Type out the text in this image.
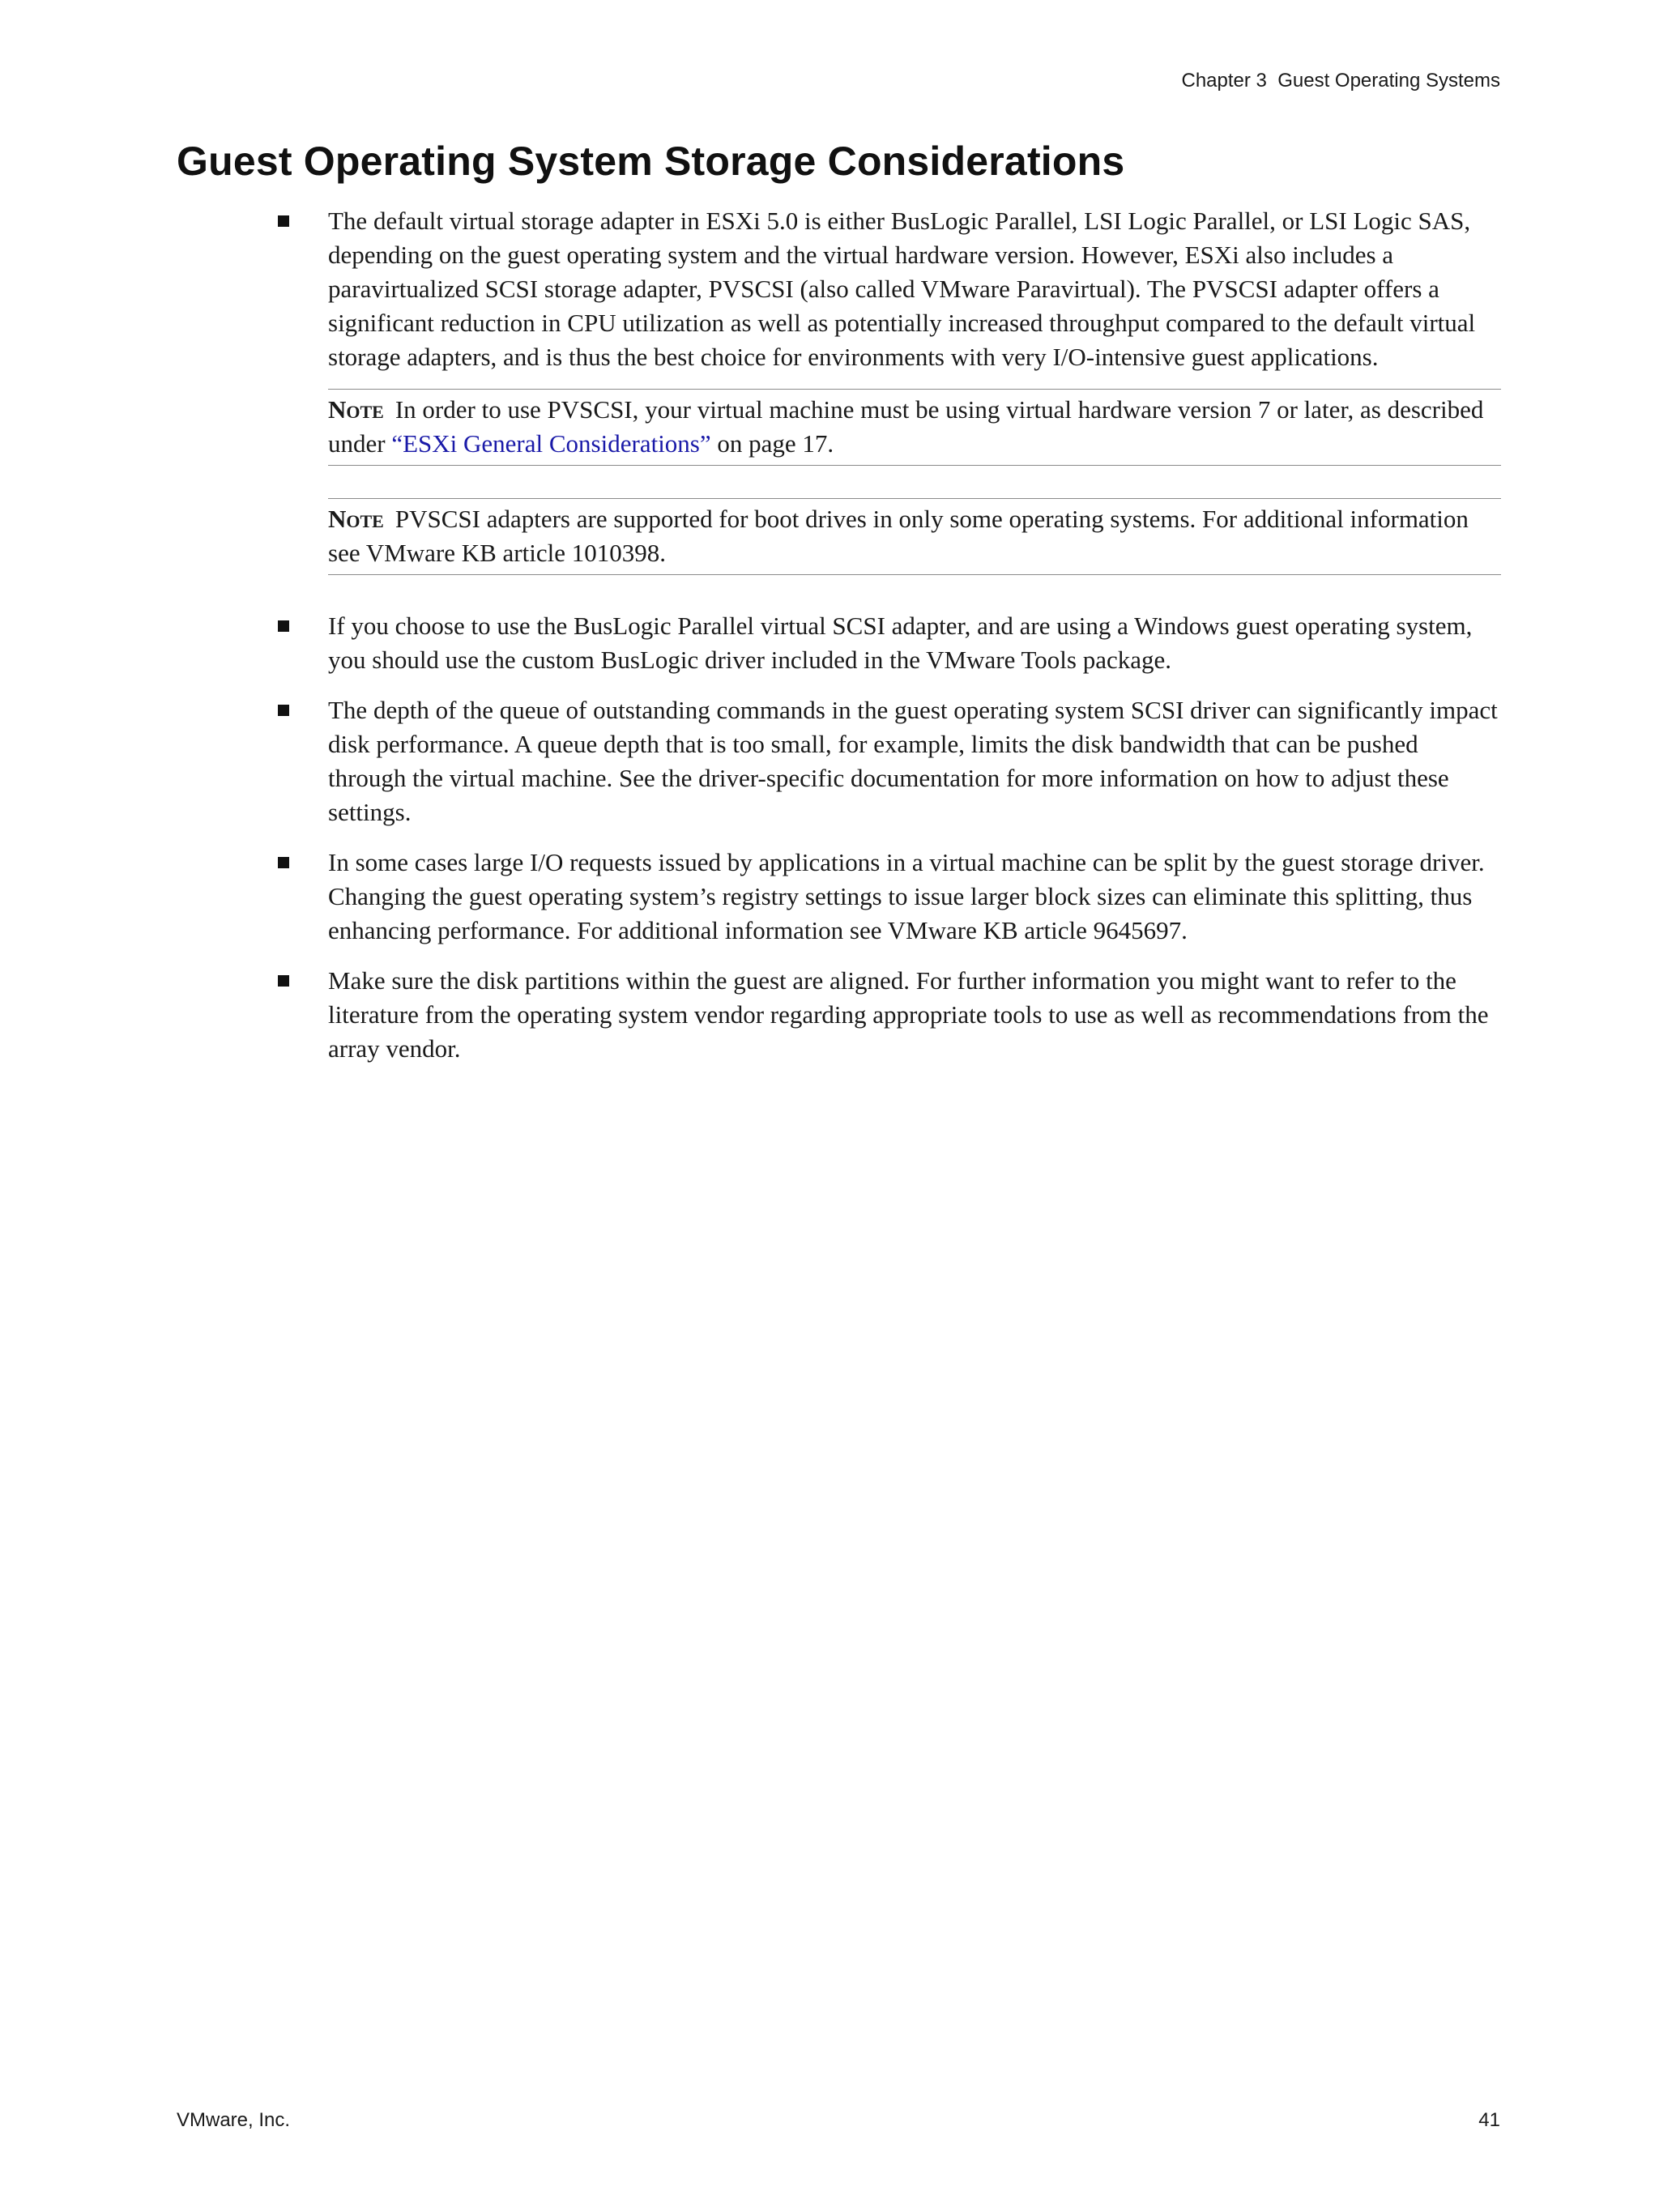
Chapter 3  Guest Operating Systems
Guest Operating System Storage Considerations

The default virtual storage adapter in ESXi 5.0 is either BusLogic Parallel, LSI Logic Parallel, or LSI Logic SAS, depending on the guest operating system and the virtual hardware version. However, ESXi also includes a paravirtualized SCSI storage adapter, PVSCSI (also called VMware Paravirtual). The PVSCSI adapter offers a significant reduction in CPU utilization as well as potentially increased throughput compared to the default virtual storage adapters, and is thus the best choice for environments with very I/O-intensive guest applications.

Note In order to use PVSCSI, your virtual machine must be using virtual hardware version 7 or later, as described under “ESXi General Considerations” on page 17.

Note PVSCSI adapters are supported for boot drives in only some operating systems. For additional information see VMware KB article 1010398.

If you choose to use the BusLogic Parallel virtual SCSI adapter, and are using a Windows guest operating system, you should use the custom BusLogic driver included in the VMware Tools package.

The depth of the queue of outstanding commands in the guest operating system SCSI driver can significantly impact disk performance. A queue depth that is too small, for example, limits the disk bandwidth that can be pushed through the virtual machine. See the driver-specific documentation for more information on how to adjust these settings.

In some cases large I/O requests issued by applications in a virtual machine can be split by the guest storage driver. Changing the guest operating system’s registry settings to issue larger block sizes can eliminate this splitting, thus enhancing performance. For additional information see VMware KB article 9645697.

Make sure the disk partitions within the guest are aligned. For further information you might want to refer to the literature from the operating system vendor regarding appropriate tools to use as well as recommendations from the array vendor.

VMware, Inc.	41
